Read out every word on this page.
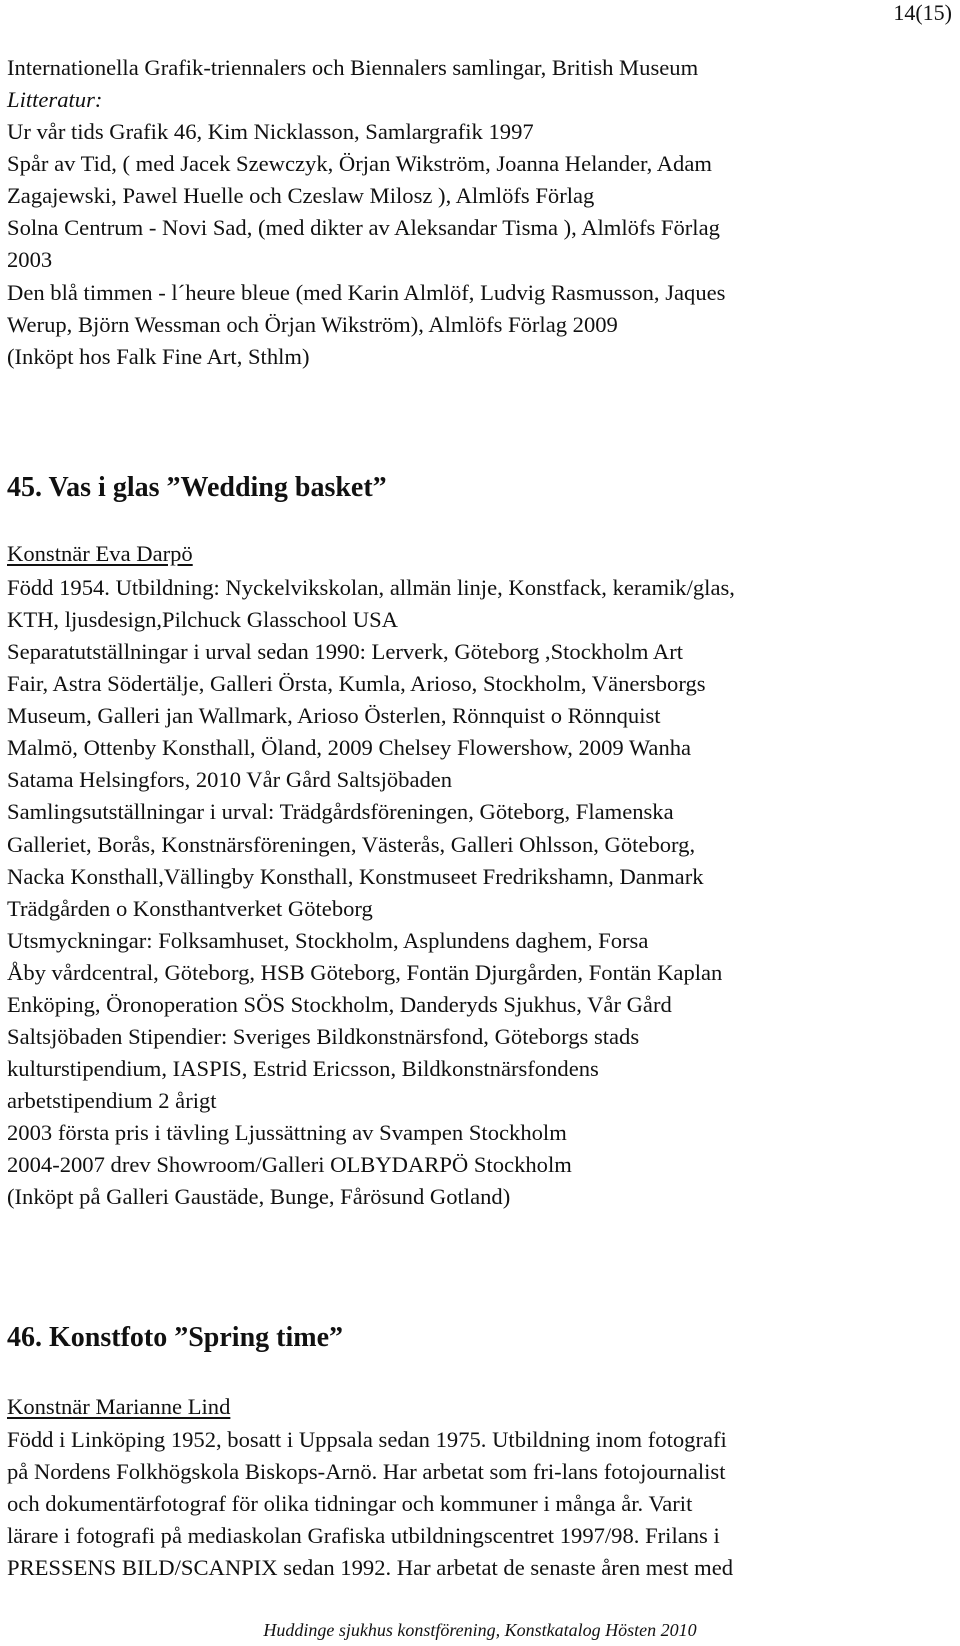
14(15)
Internationella Grafik-triennalers och Biennalers samlingar, British Museum
Litteratur:
Ur vår tids Grafik 46, Kim Nicklasson, Samlargrafik 1997
Spår av Tid, ( med Jacek Szewczyk, Örjan Wikström, Joanna Helander, Adam
Zagajewski, Pawel Huelle och Czeslaw Milosz ), Almlöfs Förlag
Solna Centrum - Novi Sad, (med dikter av Aleksandar Tisma ), Almlöfs Förlag
2003
Den blå timmen - l´heure bleue (med Karin Almlöf, Ludvig Rasmusson, Jaques
Werup, Björn Wessman och Örjan Wikström), Almlöfs Förlag 2009
(Inköpt hos Falk Fine Art, Sthlm)
45. Vas i glas ”Wedding basket”
Konstnär Eva Darpö
Född 1954. Utbildning: Nyckelvikskolan, allmän linje, Konstfack, keramik/glas,
KTH, ljusdesign,Pilchuck Glasschool USA
Separatutställningar i urval sedan 1990: Lerverk, Göteborg ,Stockholm Art
Fair, Astra Södertälje, Galleri Örsta, Kumla, Arioso, Stockholm, Vänersborgs
Museum, Galleri jan Wallmark, Arioso Österlen, Rönnquist o Rönnquist
Malmö, Ottenby Konsthall, Öland, 2009 Chelsey Flowershow, 2009 Wanha
Satama Helsingfors, 2010 Vår Gård Saltsjöbaden
Samlingsutställningar i urval: Trädgårdsföreningen, Göteborg, Flamenska
Galleriet, Borås, Konstnärsföreningen, Västerås, Galleri Ohlsson, Göteborg,
Nacka Konsthall,Vällingby Konsthall, Konstmuseet Fredrikshamn, Danmark
Trädgården o Konsthantverket Göteborg
Utsmyckningar: Folksamhuset, Stockholm, Asplundens daghem, Forsa
Åby vårdcentral, Göteborg, HSB Göteborg, Fontän Djurgården, Fontän Kaplan
Enköping, Öronoperation SÖS Stockholm, Danderyds Sjukhus, Vår Gård
Saltsjöbaden Stipendier: Sveriges Bildkonstnärsfond, Göteborgs stads
kulturstipendium, IASPIS, Estrid Ericsson, Bildkonstnärsfondens
arbetstipendium 2 årigt
2003 första pris i tävling Ljussättning av Svampen Stockholm
2004-2007 drev Showroom/Galleri OLBYDARPÖ Stockholm
(Inköpt på Galleri Gaustäde, Bunge, Fårösund Gotland)
46. Konstfoto ”Spring time”
Konstnär Marianne Lind
Född i Linköping 1952, bosatt i Uppsala sedan 1975. Utbildning inom fotografi
på Nordens Folkhögskola Biskops-Arnö. Har arbetat som fri-lans fotojournalist
och dokumentärfotograf för olika tidningar och kommuner i många år. Varit
lärare i fotografi på mediaskolan Grafiska utbildningscentret 1997/98. Frilans i
PRESSENS BILD/SCANPIX sedan 1992. Har arbetat de senaste åren mest med
Huddinge sjukhus konstförening, Konstkatalog Hösten 2010
